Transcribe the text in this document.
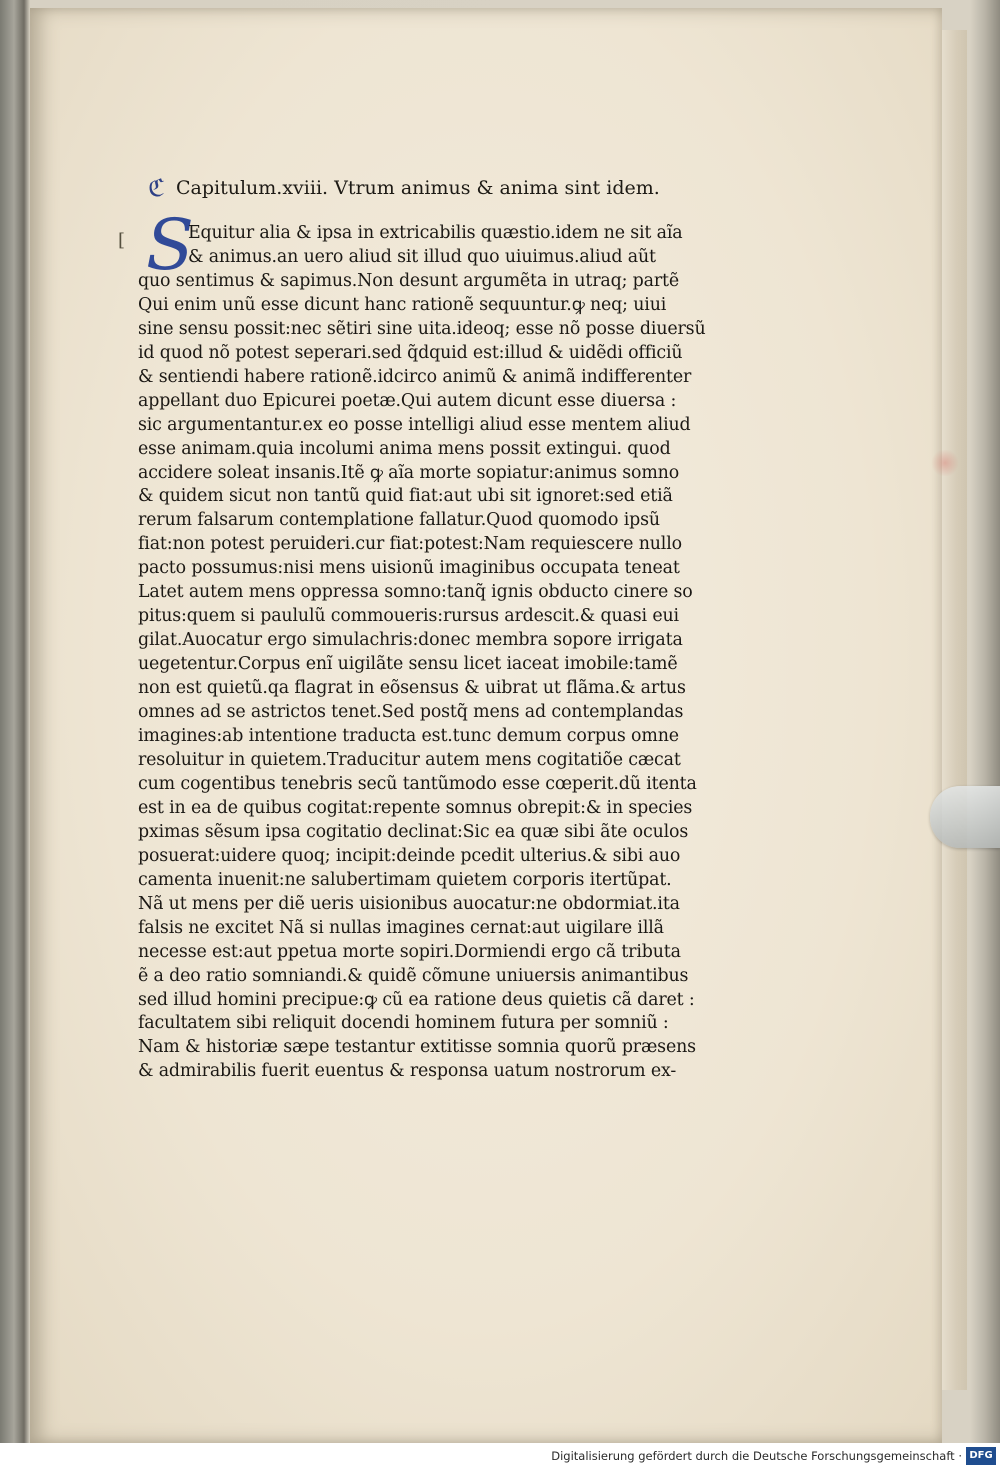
ℭ Capitulum.xviii. Vtrum animus & anima sint idem.
[ S
Equitur alia & ipsa in extricabilis quæstio.idem ne sit aĩa
& animus.an uero aliud sit illud quo uiuimus.aliud aũt
quo sentimus & sapimus.Non desunt argumẽta in utraq; partẽ
Qui enim unũ esse dicunt hanc rationẽ sequuntur.ꝙ neq; uiui
sine sensu possit:nec sẽtiri sine uita.ideoq; esse nõ posse diuersũ
id quod nõ potest seperari.sed q̃dquid est:illud & uidẽdi officiũ
& sentiendi habere rationẽ.idcirco animũ & animã indifferenter
appellant duo Epicurei poetæ.Qui autem dicunt esse diuersa :
sic argumentantur.ex eo posse intelligi aliud esse mentem aliud
esse animam.quia incolumi anima mens possit extingui. quod
accidere soleat insanis.Itẽ ꝙ aĩa morte sopiatur:animus somno
& quidem sicut non tantũ quid fiat:aut ubi sit ignoret:sed etiã
rerum falsarum contemplatione fallatur.Quod quomodo ipsũ
fiat:non potest peruideri.cur fiat:potest:Nam requiescere nullo
pacto possumus:nisi mens uisionũ imaginibus occupata teneat
Latet autem mens oppressa somno:tanq̃ ignis obducto cinere so
pitus:quem si paululũ commoueris:rursus ardescit.& quasi eui
gilat.Auocatur ergo simulachris:donec membra sopore irrigata
uegetentur.Corpus enĩ uigilãte sensu licet iaceat imobile:tamẽ
non est quietũ.qa flagrat in eõsensus & uibrat ut flãma.& artus
omnes ad se astrictos tenet.Sed postq̃ mens ad contemplandas
imagines:ab intentione traducta est.tunc demum corpus omne
resoluitur in quietem.Traducitur autem mens cogitatiõe cæcat
cum cogentibus tenebris secũ tantũmodo esse cœperit.dũ itenta
est in ea de quibus cogitat:repente somnus obrepit:& in species
pximas sẽsum ipsa cogitatio declinat:Sic ea quæ sibi ãte oculos
posuerat:uidere quoq; incipit:deinde pcedit ulterius.& sibi auo
camenta inuenit:ne salubertimam quietem corporis itertũpat.
Nã ut mens per diẽ ueris uisionibus auocatur:ne obdormiat.ita
falsis ne excitet Nã si nullas imagines cernat:aut uigilare illã
necesse est:aut ppetua morte sopiri.Dormiendi ergo cã tributa
ẽ a deo ratio somniandi.& quidẽ cõmune uniuersis animantibus
sed illud homini precipue:ꝙ cũ ea ratione deus quietis cã daret :
facultatem sibi reliquit docendi hominem futura per somniũ :
Nam & historiæ sæpe testantur extitisse somnia quorũ præsens
& admirabilis fuerit euentus & responsa uatum nostrorum ex-
Digitalisierung gefördert durch die Deutsche Forschungsgemeinschaft · DFG
